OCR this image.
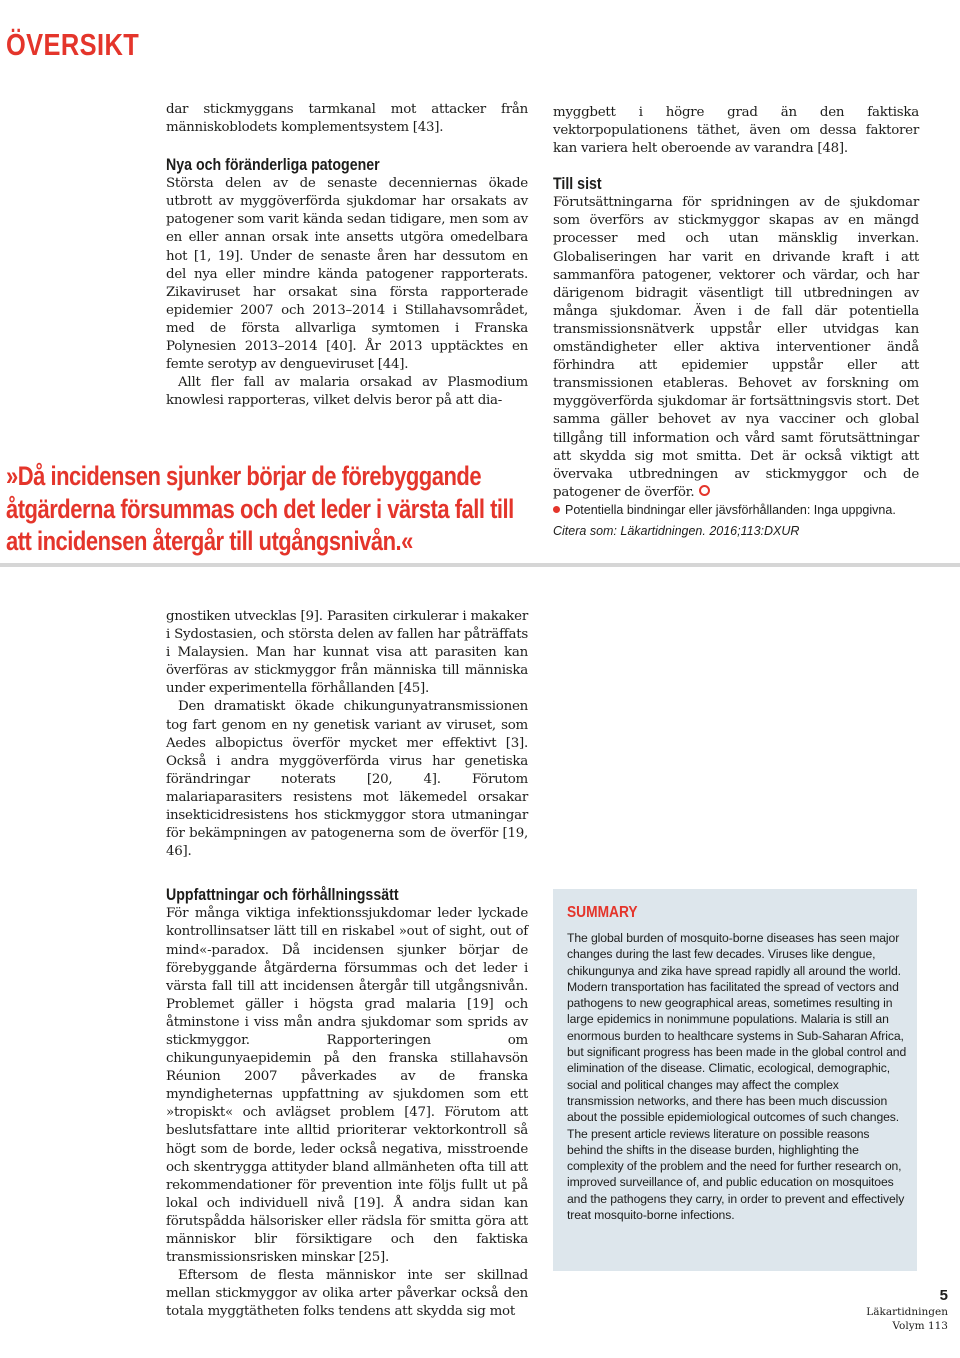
ÖVERSIKT

dar stickmyggans tarmkanal mot attacker från människoblodets komplementsystem [43].

Nya och föränderliga patogener

Största delen av de senaste decenniernas ökade utbrott av myggöverförda sjukdomar har orsakats av patogener som varit kända sedan tidigare, men som av en eller annan orsak inte ansetts utgöra omedelbara hot [1, 19]. Under de senaste åren har dessutom en del nya eller mindre kända patogener rapporterats. Zikaviruset har orsakat sina första rapporterade epidemier 2007 och 2013–2014 i Stillahavsområdet, med de första allvarliga symtomen i Franska Polynesien 2013–2014 [40]. År 2013 upptäcktes en femte serotyp av dengueviruset [44].

Allt fler fall av malaria orsakad av Plasmodium knowlesi rapporteras, vilket delvis beror på att dia-

»Då incidensen sjunker börjar de förebyggande åtgärderna försummas och det leder i värsta fall till att incidensen återgår till utgångsnivån.«

myggbett i högre grad än den faktiska vektorpopulationens täthet, även om dessa faktorer kan variera helt oberoende av varandra [48].

Till sist

Förutsättningarna för spridningen av de sjukdomar som överförs av stickmyggor skapas av en mängd processer med och utan mänsklig inverkan. Globaliseringen har varit en drivande kraft i att sammanföra patogener, vektorer och värdar, och har därigenom bidragit väsentligt till utbredningen av många sjukdomar. Även i de fall där potentiella transmissionsnätverk uppstår eller utvidgas kan omständigheter eller aktiva interventioner ändå förhindra att epidemier uppstår eller att transmissionen etableras. Behovet av forskning om myggöverförda sjukdomar är fortsättningsvis stort. Det samma gäller behovet av nya vacciner och global tillgång till information och vård samt förutsättningar att skydda sig mot smitta. Det är också viktigt att övervaka utbredningen av stickmyggor och de patogener de överför.

Potentiella bindningar eller jävsförhållanden: Inga uppgivna.
Citera som: Läkartidningen. 2016;113:DXUR

gnostiken utvecklas [9]. Parasiten cirkulerar i makaker i Sydostasien, och största delen av fallen har påträffats i Malaysien. Man har kunnat visa att parasiten kan överföras av stickmyggor från människa till människa under experimentella förhållanden [45].

Den dramatiskt ökade chikungunyatransmissionen tog fart genom en ny genetisk variant av viruset, som Aedes albopictus överför mycket mer effektivt [3]. Också i andra myggöverförda virus har genetiska förändringar noterats [20, 4]. Förutom malariaparasiters resistens mot läkemedel orsakar insekticidresistens hos stickmyggor stora utmaningar för bekämpningen av patogenerna som de överför [19, 46].

Uppfattningar och förhållningssätt

För många viktiga infektionssjukdomar leder lyckade kontrollinsatser lätt till en riskabel »out of sight, out of mind«-paradox. Då incidensen sjunker börjar de förebyggande åtgärderna försummas och det leder i värsta fall till att incidensen återgår till utgångsnivån. Problemet gäller i högsta grad malaria [19] och åtminstone i viss mån andra sjukdomar som sprids av stickmyggor. Rapporteringen om chikungunyaepidemin på den franska stillahavsön Réunion 2007 påverkades av de franska myndigheternas uppfattning av sjukdomen som ett »tropiskt« och avlägset problem [47]. Förutom att beslutsfattare inte alltid prioriterar vektorkontroll så högt som de borde, leder också negativa, misstroende och skentrygga attityder bland allmänheten ofta till att rekommendationer för prevention inte följs fullt ut på lokal och individuell nivå [19]. Å andra sidan kan förutspådda hälsorisker eller rädsla för smitta göra att människor blir försiktigare och den faktiska transmissionsrisken minskar [25].

Eftersom de flesta människor inte ser skillnad mellan stickmyggor av olika arter påverkar också den totala myggtätheten folks tendens att skydda sig mot

SUMMARY
The global burden of mosquito-borne diseases has seen major changes during the last few decades. Viruses like dengue, chikungunya and zika have spread rapidly all around the world. Modern transportation has facilitated the spread of vectors and pathogens to new geographical areas, sometimes resulting in large epidemics in nonimmune populations. Malaria is still an enormous burden to healthcare systems in Sub-Saharan Africa, but significant progress has been made in the global control and elimination of the disease. Climatic, ecological, demographic, social and political changes may affect the complex transmission networks, and there has been much discussion about the possible epidemiological outcomes of such changes. The present article reviews literature on possible reasons behind the shifts in the disease burden, highlighting the complexity of the problem and the need for further research on, improved surveillance of, and public education on mosquitoes and the pathogens they carry, in order to prevent and effectively treat mosquito-borne infections.
5
Läkartidningen
Volym 113
